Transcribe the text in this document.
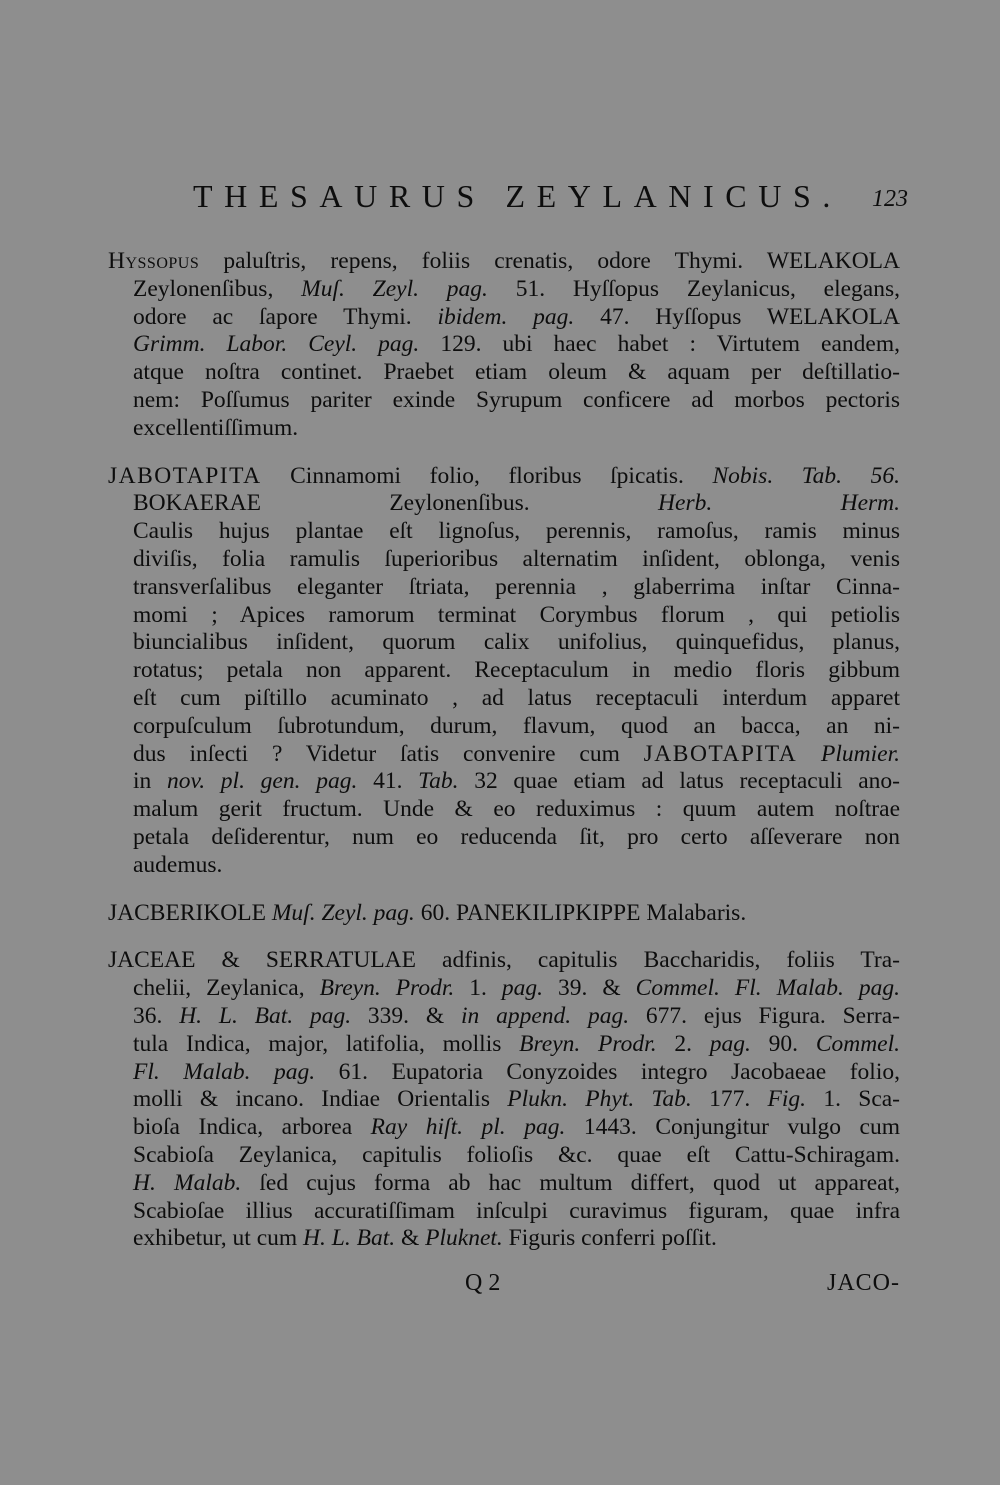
THESAURUS ZEYLANICUS. 123
Hyssopus paluſtris, repens, foliis crenatis, odore Thymi. WELAKOLA
Zeylonenſibus, Muſ. Zeyl. pag. 51. Hyſſopus Zeylanicus, elegans,
odore ac ſapore Thymi. ibidem. pag. 47. Hyſſopus WELAKOLA
Grimm. Labor. Ceyl. pag. 129. ubi haec habet : Virtutem eandem,
atque noſtra continet. Praebet etiam oleum & aquam per deſtillatio-
nem: Poſſumus pariter exinde Syrupum conficere ad morbos pectoris
excellentiſſimum.
JABOTAPITA Cinnamomi folio, floribus ſpicatis. Nobis. Tab. 56.
BOKAERAE Zeylonenſibus. Herb. Herm.
Caulis hujus plantae eſt lignoſus, perennis, ramoſus, ramis minus
diviſis, folia ramulis ſuperioribus alternatim inſident, oblonga, venis
transverſalibus eleganter ſtriata, perennia , glaberrima inſtar Cinna-
momi ; Apices ramorum terminat Corymbus florum , qui petiolis
biuncialibus inſident, quorum calix unifolius, quinquefidus, planus,
rotatus; petala non apparent. Receptaculum in medio floris gibbum
eſt cum piſtillo acuminato , ad latus receptaculi interdum apparet
corpuſculum ſubrotundum, durum, flavum, quod an bacca, an ni-
dus inſecti ? Videtur ſatis convenire cum JABOTAPITA Plumier.
in nov. pl. gen. pag. 41. Tab. 32 quae etiam ad latus receptaculi ano-
malum gerit fructum. Unde & eo reduximus : quum autem noſtrae
petala deſiderentur, num eo reducenda ſit, pro certo aſſeverare non
audemus.
JACBERIKOLE Muſ. Zeyl. pag. 60. PANEKILIPKIPPE Malabaris.
JACEAE & SERRATULAE adfinis, capitulis Baccharidis, foliis Tra-
chelii, Zeylanica, Breyn. Prodr. 1. pag. 39. & Commel. Fl. Malab. pag.
36. H. L. Bat. pag. 339. & in append. pag. 677. ejus Figura. Serra-
tula Indica, major, latifolia, mollis Breyn. Prodr. 2. pag. 90. Commel.
Fl. Malab. pag. 61. Eupatoria Conyzoides integro Jacobaeae folio,
molli & incano. Indiae Orientalis Plukn. Phyt. Tab. 177. Fig. 1. Sca-
bioſa Indica, arborea Ray hiſt. pl. pag. 1443. Conjungitur vulgo cum
Scabioſa Zeylanica, capitulis folioſis &c. quae eſt Cattu-Schiragam.
H. Malab. ſed cujus forma ab hac multum differt, quod ut appareat,
Scabioſae illius accuratiſſimam inſculpi curavimus figuram, quae infra
exhibetur, ut cum H. L. Bat. & Pluknet. Figuris conferri poſſit.
Q 2	JACO-
